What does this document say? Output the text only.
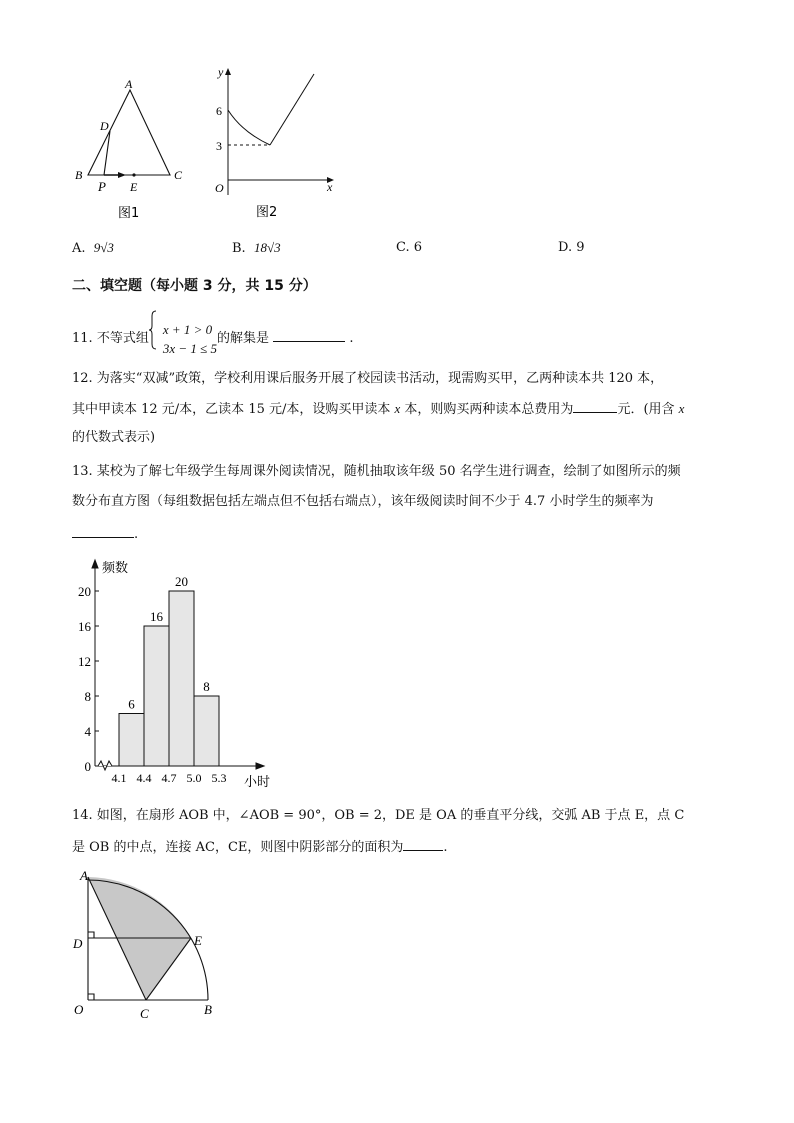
A
D
B	C
P E
图1
y
x
O
6
3
图2
A. 9√3	B. 18√3	C. 6	D. 9
二、填空题（每小题 3 分，共 15 分）
11. 不等式组x + 1 > 0
3x − 1 ≤ 5的解集是	.
12. 为落实“双减”政策，学校利用课后服务开展了校园读书活动，现需购买甲，乙两种读本共 120 本，
其中甲读本 12 元/本，乙读本 15 元/本，设购买甲读本 x 本，则购买两种读本总费用为	元．(用含 x
的代数式表示)
13. 某校为了解七年级学生每周课外阅读情况，随机抽取该年级 50 名学生进行调查，绘制了如图所示的频
数分布直方图（每组数据包括左端点但不包括右端点），该年级阅读时间不少于 4.7 小时学生的频率为
.
0
4
8
12
16
20
6
16
20
8
4.1 4.4 4.7 5.0 5.3
频数
小时
14. 如图，在扇形 AOB 中，∠AOB = 90°，OB = 2，DE 是 OA 的垂直平分线，交弧 AB 于点 E，点 C
是 OB 的中点，连接 AC，CE，则图中阴影部分的面积为	.
A
D	E
O	C	B
